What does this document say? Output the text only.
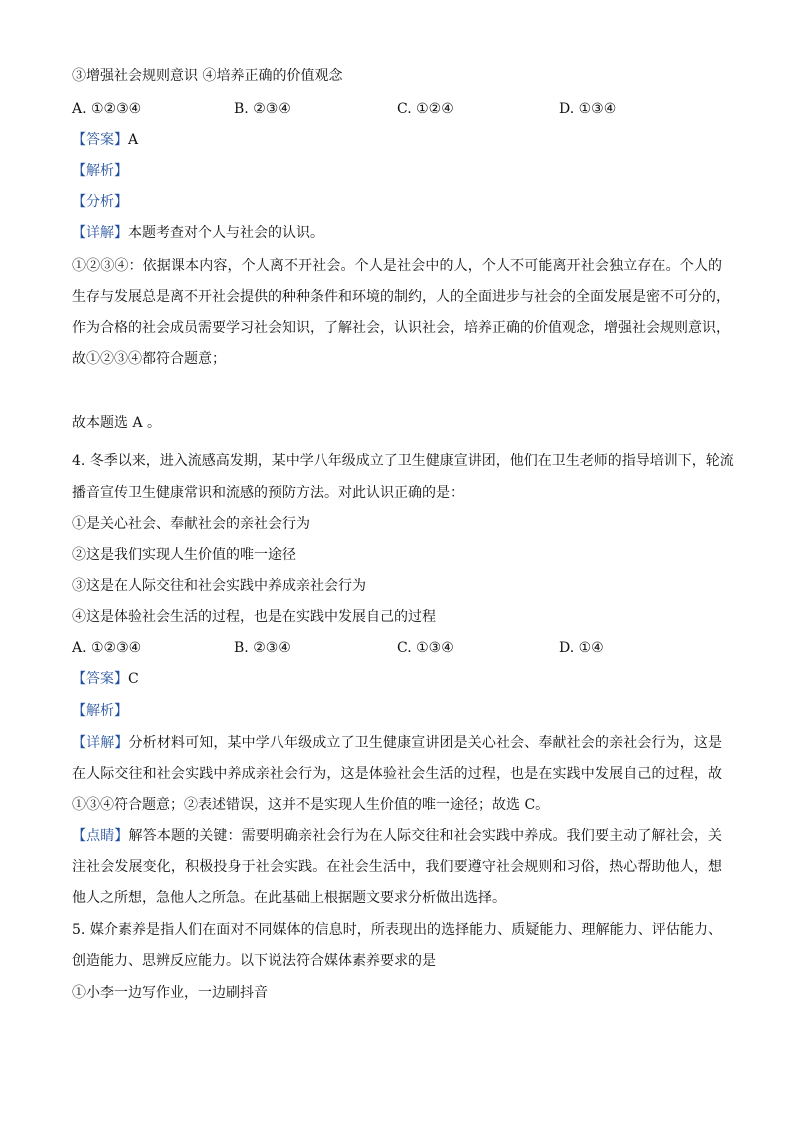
③增强社会规则意识 ④培养正确的价值观念
A. ①②③④	B. ②③④	C. ①②④	D. ①③④
【答案】A
【解析】
【分析】
【详解】本题考查对个人与社会的认识。
①②③④：依据课本内容，个人离不开社会。个人是社会中的人，个人不可能离开社会独立存在。个人的
生存与发展总是离不开社会提供的种种条件和环境的制约，人的全面进步与社会的全面发展是密不可分的，
作为合格的社会成员需要学习社会知识，了解社会，认识社会，培养正确的价值观念，增强社会规则意识，
故①②③④都符合题意；
故本题选 A 。
4. 冬季以来，进入流感高发期，某中学八年级成立了卫生健康宣讲团，他们在卫生老师的指导培训下，轮流
播音宣传卫生健康常识和流感的预防方法。对此认识正确的是：
①是关心社会、奉献社会的亲社会行为
②这是我们实现人生价值的唯一途径
③这是在人际交往和社会实践中养成亲社会行为
④这是体验社会生活的过程，也是在实践中发展自己的过程
A. ①②③④	B. ②③④	C. ①③④	D. ①④
【答案】C
【解析】
【详解】分析材料可知，某中学八年级成立了卫生健康宣讲团是关心社会、奉献社会的亲社会行为，这是
在人际交往和社会实践中养成亲社会行为，这是体验社会生活的过程，也是在实践中发展自己的过程，故
①③④符合题意；②表述错误，这并不是实现人生价值的唯一途径；故选 C。
【点睛】解答本题的关键：需要明确亲社会行为在人际交往和社会实践中养成。我们要主动了解社会，关
注社会发展变化，积极投身于社会实践。在社会生活中，我们要遵守社会规则和习俗，热心帮助他人，想
他人之所想，急他人之所急。在此基础上根据题文要求分析做出选择。
5. 媒介素养是指人们在面对不同媒体的信息时，所表现出的选择能力、质疑能力、理解能力、评估能力、
创造能力、思辨反应能力。以下说法符合媒体素养要求的是
①小李一边写作业，一边刷抖音
